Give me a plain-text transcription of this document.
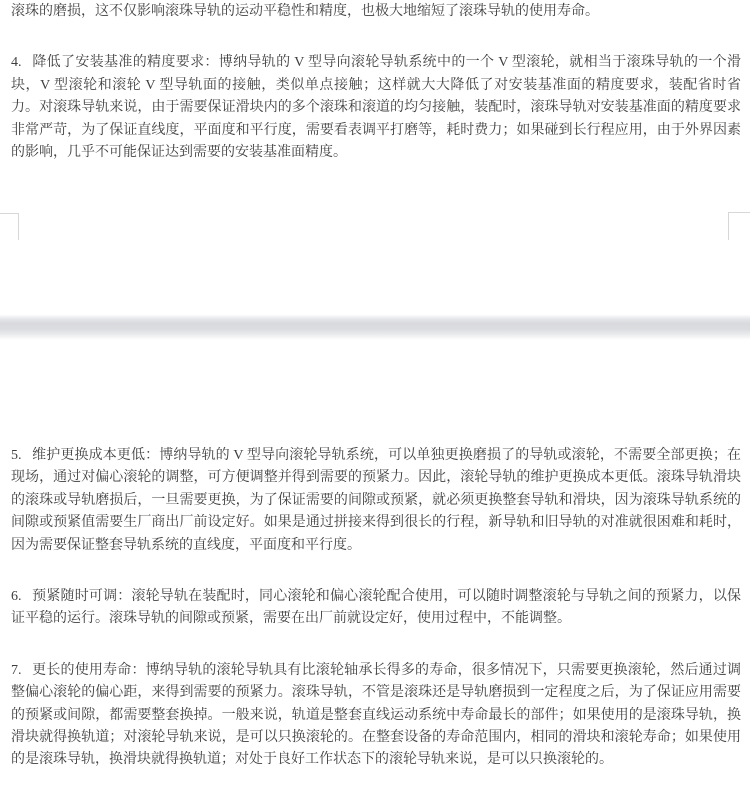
滚珠的磨损，这不仅影响滚珠导轨的运动平稳性和精度，也极大地缩短了滚珠导轨的使用寿命。

4. 降低了安装基准的精度要求：博纳导轨的 V 型导向滚轮导轨系统中的一个 V 型滚轮，就相当于滚珠导轨的一个滑块，V 型滚轮和滚轮 V 型导轨面的接触，类似单点接触；这样就大大降低了对安装基准面的精度要求，装配省时省力。对滚珠导轨来说，由于需要保证滑块内的多个滚珠和滚道的均匀接触，装配时，滚珠导轨对安装基准面的精度要求非常严苛，为了保证直线度，平面度和平行度，需要看表调平打磨等，耗时费力；如果碰到长行程应用，由于外界因素的影响，几乎不可能保证达到需要的安装基准面精度。

5. 维护更换成本更低：博纳导轨的 V 型导向滚轮导轨系统，可以单独更换磨损了的导轨或滚轮，不需要全部更换；在现场，通过对偏心滚轮的调整，可方便调整并得到需要的预紧力。因此，滚轮导轨的维护更换成本更低。滚珠导轨滑块的滚珠或导轨磨损后，一旦需要更换，为了保证需要的间隙或预紧，就必须更换整套导轨和滑块，因为滚珠导轨系统的间隙或预紧值需要生厂商出厂前设定好。如果是通过拼接来得到很长的行程，新导轨和旧导轨的对准就很困难和耗时，因为需要保证整套导轨系统的直线度，平面度和平行度。

6. 预紧随时可调：滚轮导轨在装配时，同心滚轮和偏心滚轮配合使用，可以随时调整滚轮与导轨之间的预紧力，以保证平稳的运行。滚珠导轨的间隙或预紧，需要在出厂前就设定好，使用过程中，不能调整。

7. 更长的使用寿命：博纳导轨的滚轮导轨具有比滚轮轴承长得多的寿命，很多情况下，只需要更换滚轮，然后通过调整偏心滚轮的偏心距，来得到需要的预紧力。滚珠导轨，不管是滚珠还是导轨磨损到一定程度之后，为了保证应用需要的预紧或间隙，都需要整套换掉。一般来说，轨道是整套直线运动系统中寿命最长的部件；如果使用的是滚珠导轨，换滑块就得换轨道；对滚轮导轨来说，是可以只换滚轮的。在整套设备的寿命范围内，相同的滑块和滚轮寿命；如果使用的是滚珠导轨，换滑块就得换轨道；对处于良好工作状态下的滚轮导轨来说，是可以只换滚轮的。
